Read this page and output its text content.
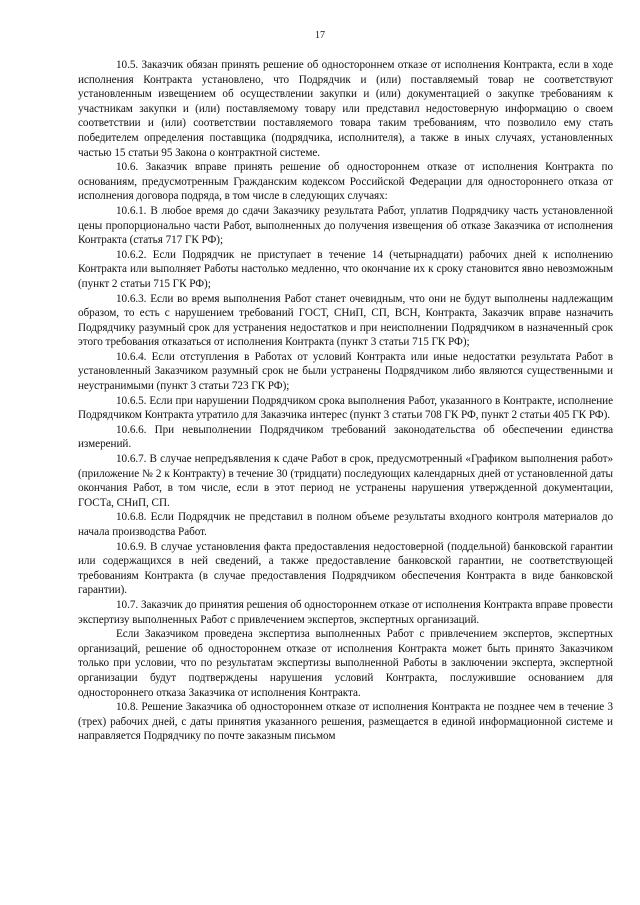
17

10.5. Заказчик обязан принять решение об одностороннем отказе от исполнения Контракта, если в ходе исполнения Контракта установлено, что Подрядчик и (или) поставляемый товар не соответствуют установленным извещением об осуществлении закупки и (или) документацией о закупке требованиям к участникам закупки и (или) поставляемому товару или представил недостоверную информацию о своем соответствии и (или) соответствии поставляемого товара таким требованиям, что позволило ему стать победителем определения поставщика (подрядчика, исполнителя), а также в иных случаях, установленных частью 15 статьи 95 Закона о контрактной системе.

10.6. Заказчик вправе принять решение об одностороннем отказе от исполнения Контракта по основаниям, предусмотренным Гражданским кодексом Российской Федерации для одностороннего отказа от исполнения договора подряда, в том числе в следующих случаях:

10.6.1. В любое время до сдачи Заказчику результата Работ, уплатив Подрядчику часть установленной цены пропорционально части Работ, выполненных до получения извещения об отказе Заказчика от исполнения Контракта (статья 717 ГК РФ);

10.6.2. Если Подрядчик не приступает в течение 14 (четырнадцати) рабочих дней к исполнению Контракта или выполняет Работы настолько медленно, что окончание их к сроку становится явно невозможным (пункт 2 статьи 715 ГК РФ);

10.6.3. Если во время выполнения Работ станет очевидным, что они не будут выполнены надлежащим образом, то есть с нарушением требований ГОСТ, СНиП, СП, ВСН, Контракта, Заказчик вправе назначить Подрядчику разумный срок для устранения недостатков и при неисполнении Подрядчиком в назначенный срок этого требования отказаться от исполнения Контракта (пункт 3 статьи 715 ГК РФ);

10.6.4. Если отступления в Работах от условий Контракта или иные недостатки результата Работ в установленный Заказчиком разумный срок не были устранены Подрядчиком либо являются существенными и неустранимыми (пункт 3 статьи 723 ГК РФ);

10.6.5. Если при нарушении Подрядчиком срока выполнения Работ, указанного в Контракте, исполнение Подрядчиком Контракта утратило для Заказчика интерес (пункт 3 статьи 708 ГК РФ, пункт 2 статьи 405 ГК РФ).

10.6.6. При невыполнении Подрядчиком требований законодательства об обеспечении единства измерений.

10.6.7. В случае непредъявления к сдаче Работ в срок, предусмотренный «Графиком выполнения работ» (приложение № 2 к Контракту) в течение 30 (тридцати) последующих календарных дней от установленной даты окончания Работ, в том числе, если в этот период не устранены нарушения утвержденной документации, ГОСТа, СНиП, СП.

10.6.8. Если Подрядчик не представил в полном объеме результаты входного контроля материалов до начала производства Работ.

10.6.9. В случае установления факта предоставления недостоверной (поддельной) банковской гарантии или содержащихся в ней сведений, а также предоставление банковской гарантии, не соответствующей требованиям Контракта (в случае предоставления Подрядчиком обеспечения Контракта в виде банковской гарантии).

10.7. Заказчик до принятия решения об одностороннем отказе от исполнения Контракта вправе провести экспертизу выполненных Работ с привлечением экспертов, экспертных организаций.

Если Заказчиком проведена экспертиза выполненных Работ с привлечением экспертов, экспертных организаций, решение об одностороннем отказе от исполнения Контракта может быть принято Заказчиком только при условии, что по результатам экспертизы выполненной Работы в заключении эксперта, экспертной организации будут подтверждены нарушения условий Контракта, послужившие основанием для одностороннего отказа Заказчика от исполнения Контракта.

10.8. Решение Заказчика об одностороннем отказе от исполнения Контракта не позднее чем в течение 3 (трех) рабочих дней, с даты принятия указанного решения, размещается в единой информационной системе и направляется Подрядчику по почте заказным письмом
